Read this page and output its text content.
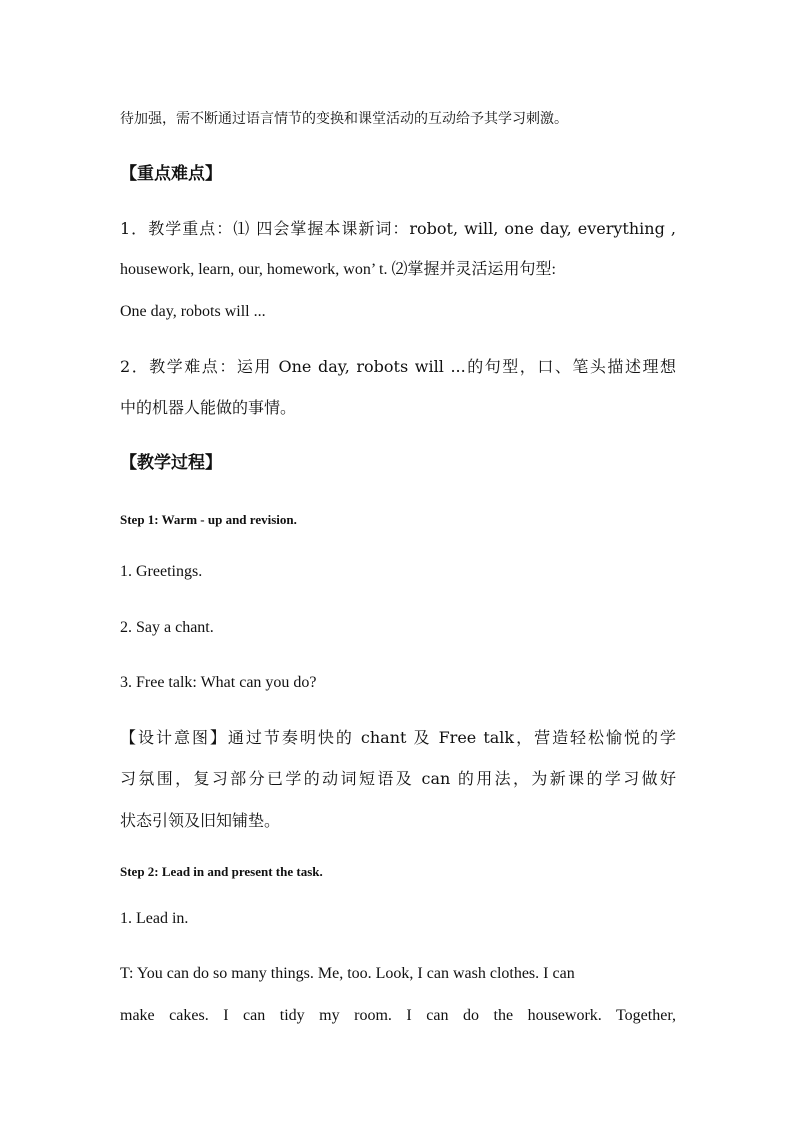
待加强，需不断通过语言情节的变换和课堂活动的互动给予其学习刺激。
【重点难点】
1．教学重点：⑴ 四会掌握本课新词：robot, will, one day, everything ,
housework, learn, our, homework, won’ t. ⑵掌握并灵活运用句型:
One day, robots will ...
2．教学难点：运用 One day, robots will ...的句型，口、笔头描述理想
中的机器人能做的事情。
【教学过程】
Step 1: Warm - up and revision.
1. Greetings.
2. Say a chant.
3. Free talk: What can you do?
【设计意图】通过节奏明快的 chant 及 Free talk，营造轻松愉悦的学
习氛围，复习部分已学的动词短语及 can 的用法，为新课的学习做好
状态引领及旧知铺垫。
Step 2: Lead in and present the task.
1. Lead in.
T: You can do so many things. Me, too. Look, I can wash clothes. I can
make cakes. I can tidy my room. I can do the housework. Together,
